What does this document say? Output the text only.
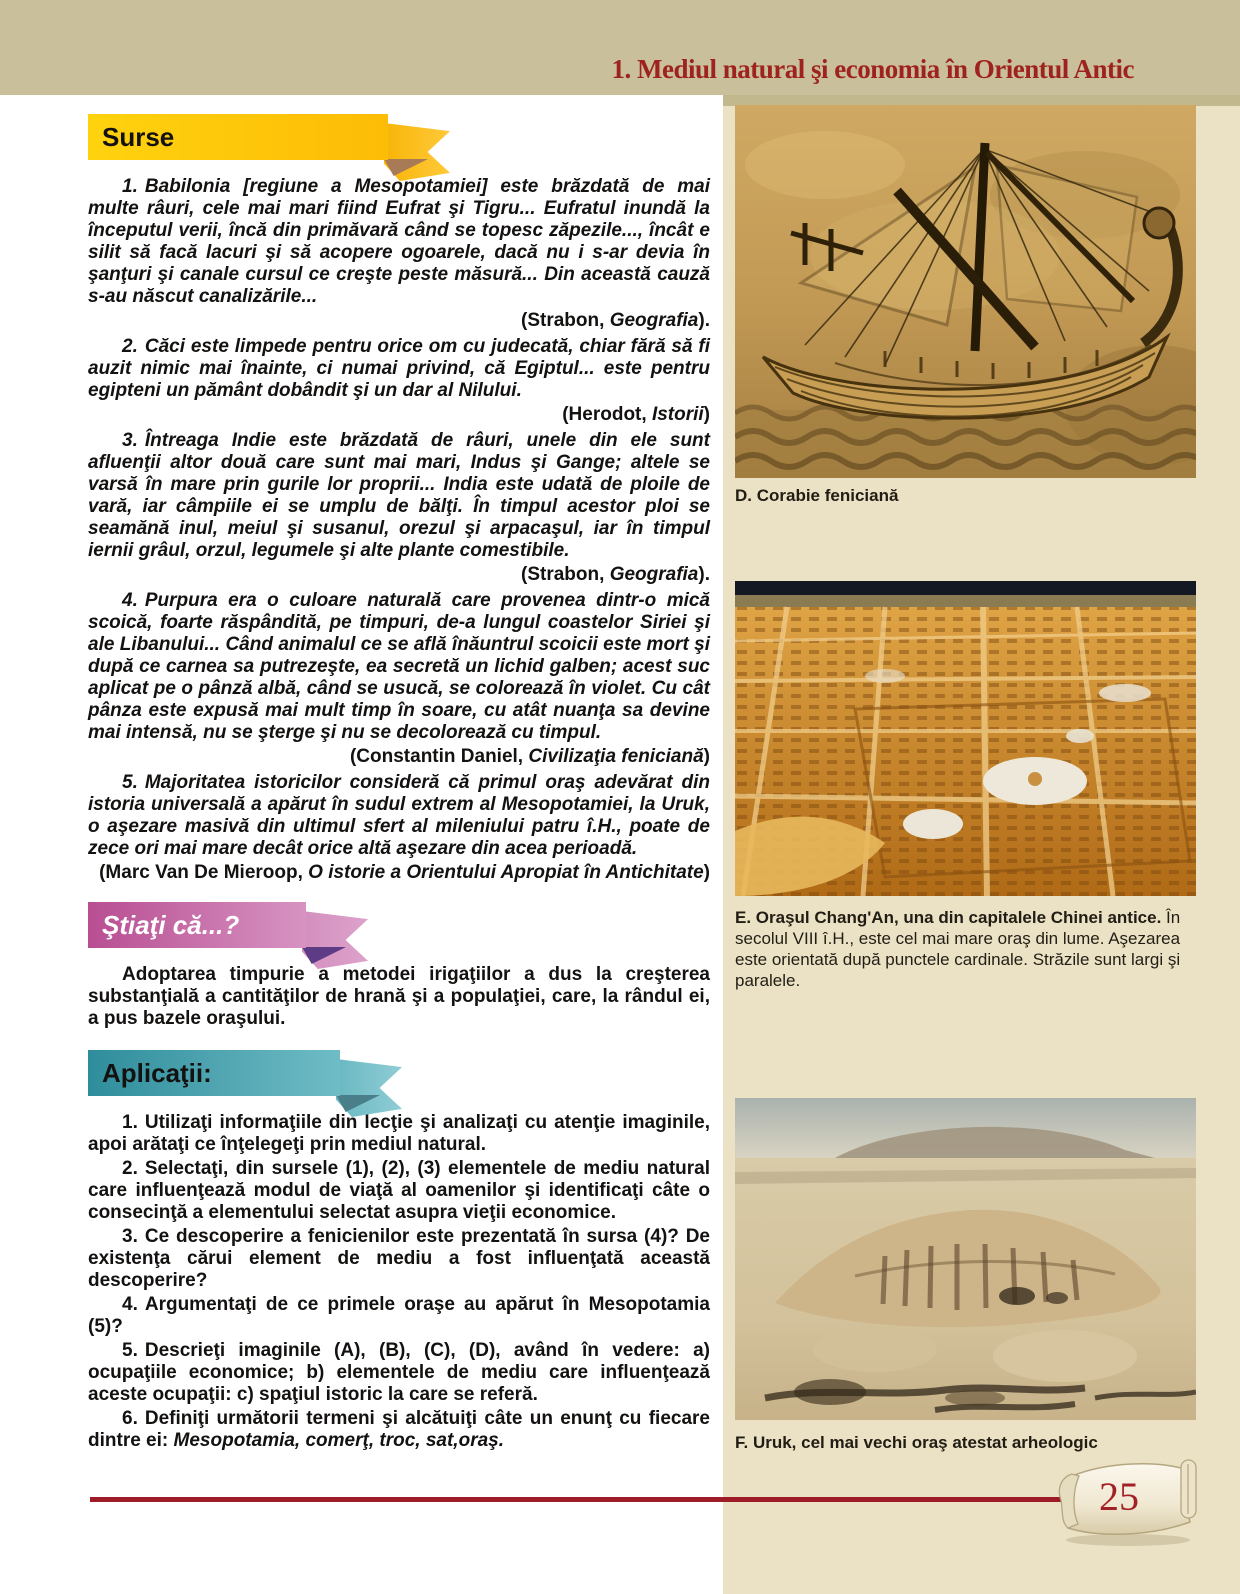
1. Mediul natural şi economia în Orientul Antic
D. Corabie feniciană
E. Oraşul Chang'An, una din capitalele Chinei antice. În secolul VIII î.H., este cel mai mare oraş din lume. Aşezarea este orientată după punctele cardinale. Străzile sunt largi şi paralele.
F. Uruk, cel mai vechi oraş atestat arheologic
Surse

1. Babilonia [regiune a Mesopotamiei] este brăzdată de mai multe râuri, cele mai mari fiind Eufrat şi Tigru... Eufratul inundă la începutul verii, încă din primăvară când se topesc zăpezile..., încât e silit să facă lacuri şi să acopere ogoarele, dacă nu i s-ar devia în şanţuri şi canale cursul ce creşte peste măsură... Din această cauză s-au născut canalizările...

(Strabon, Geografia).

2. Căci este limpede pentru orice om cu judecată, chiar fără să fi auzit nimic mai înainte, ci numai privind, că Egiptul... este pentru egipteni un pământ dobândit şi un dar al Nilului.

(Herodot, Istorii)

3. Întreaga Indie este brăzdată de râuri, unele din ele sunt afluenţii altor două care sunt mai mari, Indus şi Gange; altele se varsă în mare prin gurile lor proprii... India este udată de ploile de vară, iar câmpiile ei se umplu de bălţi. În timpul acestor ploi se seamănă inul, meiul şi susanul, orezul şi arpacaşul, iar în timpul iernii grâul, orzul, legumele şi alte plante comestibile.

(Strabon, Geografia).

4. Purpura era o culoare naturală care provenea dintr-o mică scoică, foarte răspândită, pe timpuri, de-a lungul coastelor Siriei şi ale Libanului... Când animalul ce se află înăuntrul scoicii este mort şi după ce carnea sa putrezeşte, ea secretă un lichid galben; acest suc aplicat pe o pânză albă, când se usucă, se colorează în violet. Cu cât pânza este expusă mai mult timp în soare, cu atât nuanţa sa devine mai intensă, nu se şterge şi nu se decolorează cu timpul.

(Constantin Daniel, Civilizaţia feniciană)

5. Majoritatea istoricilor consideră că primul oraş adevărat din istoria universală a apărut în sudul extrem al Mesopotamiei, la Uruk, o aşezare masivă din ultimul sfert al mileniului patru î.H., poate de zece ori mai mare decât orice altă aşezare din acea perioadă.

(Marc Van De Mieroop, O istorie a Orientului Apropiat în Antichitate)

Ştiaţi că...?

Adoptarea timpurie a metodei irigaţiilor a dus la creşterea substanţială a cantităţilor de hrană şi a populaţiei, care, la rândul ei, a pus bazele oraşului.

Aplicaţii:

1. Utilizaţi informaţiile din lecţie şi analizaţi cu atenţie imaginile, apoi arătaţi ce înţelegeţi prin mediul natural.

2. Selectaţi, din sursele (1), (2), (3) elementele de mediu natural care influenţează modul de viaţă al oamenilor şi identificaţi câte o consecinţă a elementului selectat asupra vieţii economice.

3. Ce descoperire a fenicienilor este prezentată în sursa (4)? De existenţa cărui element de mediu a fost influenţată această descoperire?

4. Argumentaţi de ce primele oraşe au apărut în Mesopotamia (5)?

5. Descrieţi imaginile (A), (B), (C), (D), având în vedere: a) ocupaţiile economice; b) elementele de mediu care influenţează aceste ocupaţii: c) spaţiul istoric la care se referă.

6. Definiţi următorii termeni şi alcătuiţi câte un enunţ cu fiecare dintre ei: Mesopotamia, comerţ, troc, sat,oraş.

25
